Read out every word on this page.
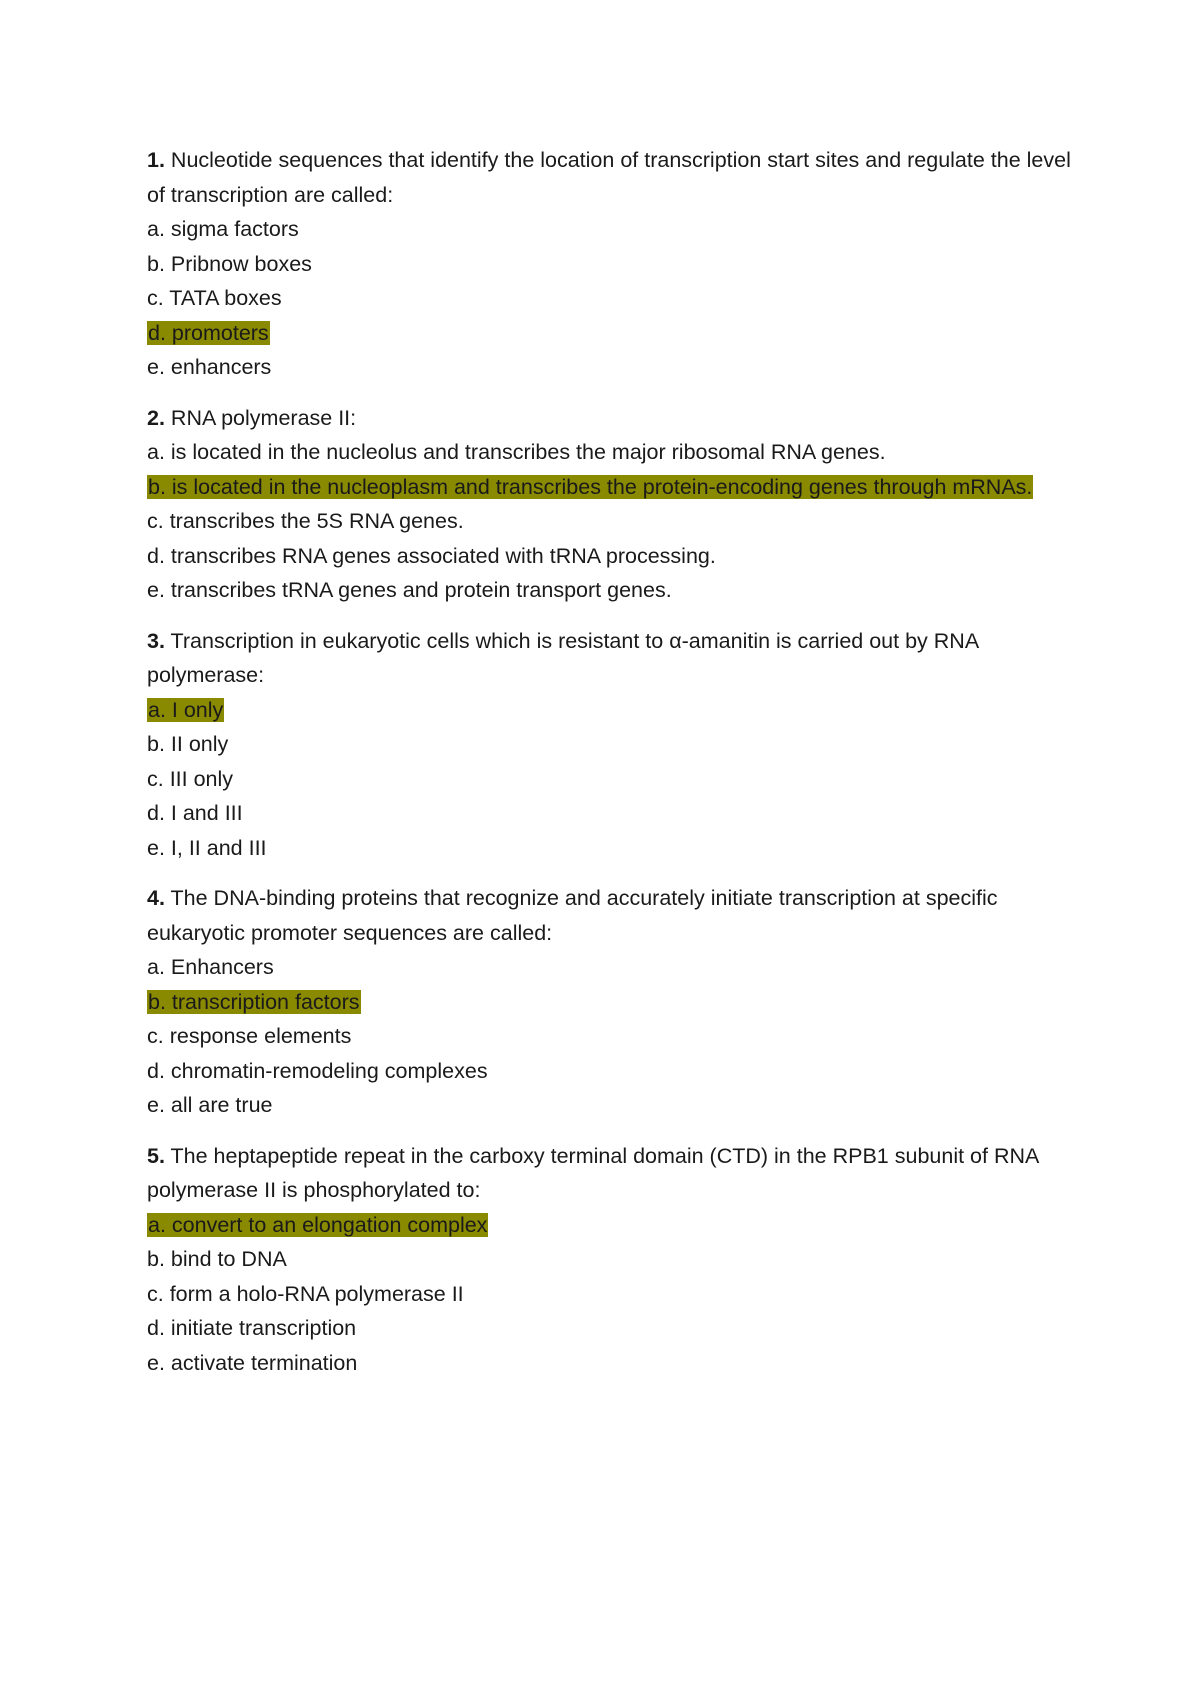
1. Nucleotide sequences that identify the location of transcription start sites and regulate the level of transcription are called:

a. sigma factors
b. Pribnow boxes
c. TATA boxes
d. promoters
e. enhancers

2. RNA polymerase II:

a. is located in the nucleolus and transcribes the major ribosomal RNA genes.
b. is located in the nucleoplasm and transcribes the protein-encoding genes through mRNAs.
c. transcribes the 5S RNA genes.
d. transcribes RNA genes associated with tRNA processing.
e. transcribes tRNA genes and protein transport genes.

3. Transcription in eukaryotic cells which is resistant to α-amanitin is carried out by RNA polymerase:

a. I only
b. II only
c. III only
d. I and III
e. I, II and III

4. The DNA-binding proteins that recognize and accurately initiate transcription at specific eukaryotic promoter sequences are called:

a. Enhancers
b. transcription factors
c. response elements
d. chromatin-remodeling complexes
e. all are true

5. The heptapeptide repeat in the carboxy terminal domain (CTD) in the RPB1 subunit of RNA polymerase II is phosphorylated to:

a. convert to an elongation complex
b. bind to DNA
c. form a holo-RNA polymerase II
d. initiate transcription
e. activate termination
